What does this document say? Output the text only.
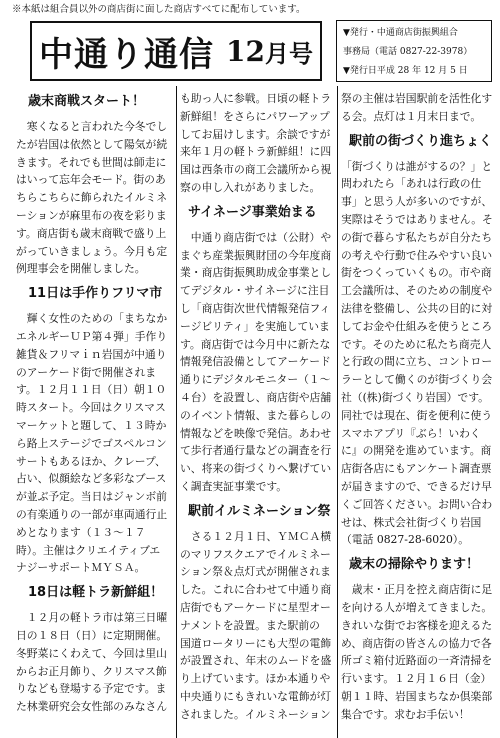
※本紙は組合員以外の商店街に面した商店すべてに配布しています。
中通り通信 12 月号
▼発行・中通商店街振興組合
事務局（電話 0827-22-3978）
▼発行日平成 28 年 12 月 5 日
歳末商戦スタート！
　寒くなると言われた今冬でし
たが岩国は依然として陽気が続
きます。それでも世間は師走に
はいって忘年会モード。街のあ
ちらこちらに飾られたイルミネ
ーションが麻里布の夜を彩りま
す。商店街も歳末商戦で盛り上
がっていきましょう。今月も定
例理事会を開催しました。
11日は手作りフリマ市
　輝く女性のための「まちなか
エネルギーＵＰ第４弾」手作り
雑貨＆フリマｉｎ岩国が中通り
のアーケード街で開催されま
す。１２月１１日（日）朝１０
時スタート。今回はクリスマス
マーケットと題して、１３時か
ら路上ステージでゴスペルコン
サートもあるほか、クレープ、
占い、似顔絵など多彩なブース
が並ぶ予定。当日はジャンボ前
の有楽通りの一部が車両通行止
めとなります（１３～１７
時）。主催はクリエイティブエ
ナジーサポートＭＹＳＡ。
18日は軽トラ新鮮組！
　１２月の軽トラ市は第三日曜
日の１８日（日）に定期開催。
冬野菜にくわえて、今回は里山
からお正月飾り、クリスマス飾
りなども登場する予定です。ま
た林業研究会女性部のみなさん
も助っ人に参戦。日頃の軽トラ
新鮮組！をさらにパワーアップ
してお届けします。余談ですが
来年１月の軽トラ新鮮組！に四
国は西条市の商工会議所から視
察の申し入れがありました。
サイネージ事業始まる
　中通り商店街では（公財）や
まぐち産業振興財団の今年度商
業・商店街振興助成金事業とし
てデジタル・サイネージに注目
し「商店街次世代情報発信フィ
ージビリティ」を実施していま
す。商店街では今月中に新たな
情報発信設備としてアーケード
通りにデジタルモニター（１～
４台）を設置し、商店街や店舗
のイベント情報、また暮らしの
情報などを映像で発信。あわせ
て歩行者通行量などの調査を行
い、将来の街づくりへ繋げてい
く調査実証事業です。
駅前イルミネーション祭
　さる１２月１日、ＹＭＣＡ横
のマリフスクエアでイルミネー
ション祭＆点灯式が開催されま
した。これに合わせて中通り商
店街でもアーケードに星型オー
ナメントを設置。また駅前の
国道ロータリーにも大型の電飾
が設置され、年末のムードを盛
り上げています。ほか本通りや
中央通りにもきれいな電飾が灯
されました。イルミネーション
祭の主催は岩国駅前を活性化す
る会。点灯は１月末日まで。
駅前の街づくり進ちょく
「街づくりは誰がするの？」と
問われたら「あれは行政の仕
事」と思う人が多いのですが、
実際はそうではありません。そ
の街で暮らす私たちが自分たち
の考えや行動で住みやすい良い
街をつくっていくもの。市や商
工会議所は、そのための制度や
法律を整備し、公共の目的に対
してお金や仕組みを使うところ
です。そのために私たち商売人
と行政の間に立ち、コントロー
ラーとして働くのが街づくり会
社（(株)街づくり岩国）です。
同社では現在、街を便利に使う
スマホアプリ『ぶら！いわく
に』の開発を進めています。商
店街各店にもアンケート調査票
が届きますので、できるだけ早
くご回答ください。お問い合わ
せは、株式会社街づくり岩国
（電話 0827-28-6020）。
歳末の掃除やります！
　歳末・正月を控え商店街に足
を向ける人が増えてきました。
きれいな街でお客様を迎えるた
め、商店街の皆さんの協力で各
所ゴミ箱付近路面の一斉清掃を
行います。１２月１６日（金）
朝１１時、岩国まちなか倶楽部
集合です。求むお手伝い！
